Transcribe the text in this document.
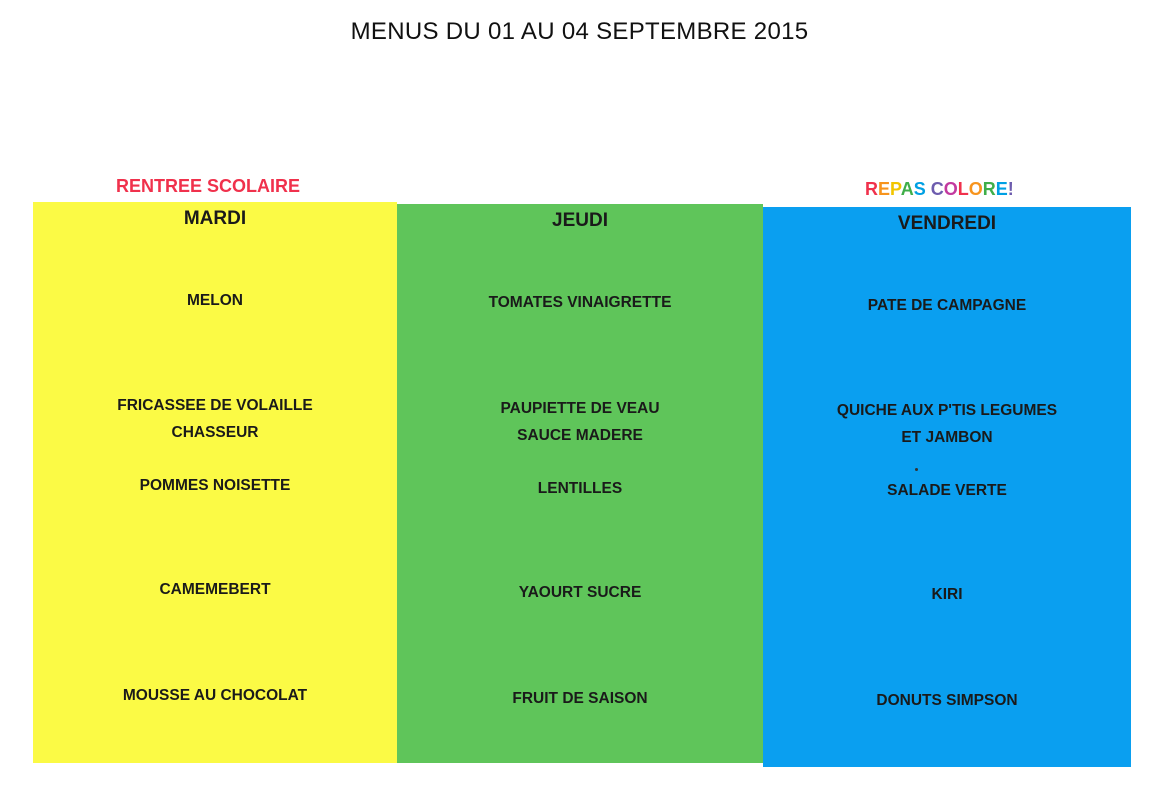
MENUS DU 01 AU 04 SEPTEMBRE 2015
RENTREE SCOLAIRE	REPAS COLORE!
MARDI
MELON
FRICASSEE DE VOLAILLE
CHASSEUR
POMMES NOISETTE
CAMEMEBERT
MOUSSE AU CHOCOLAT
JEUDI
TOMATES VINAIGRETTE
PAUPIETTE DE VEAU
SAUCE MADERE
LENTILLES
YAOURT SUCRE
FRUIT DE SAISON
VENDREDI
PATE DE CAMPAGNE
QUICHE AUX P'TIS LEGUMES
ET JAMBON
SALADE VERTE
KIRI
DONUTS SIMPSON
